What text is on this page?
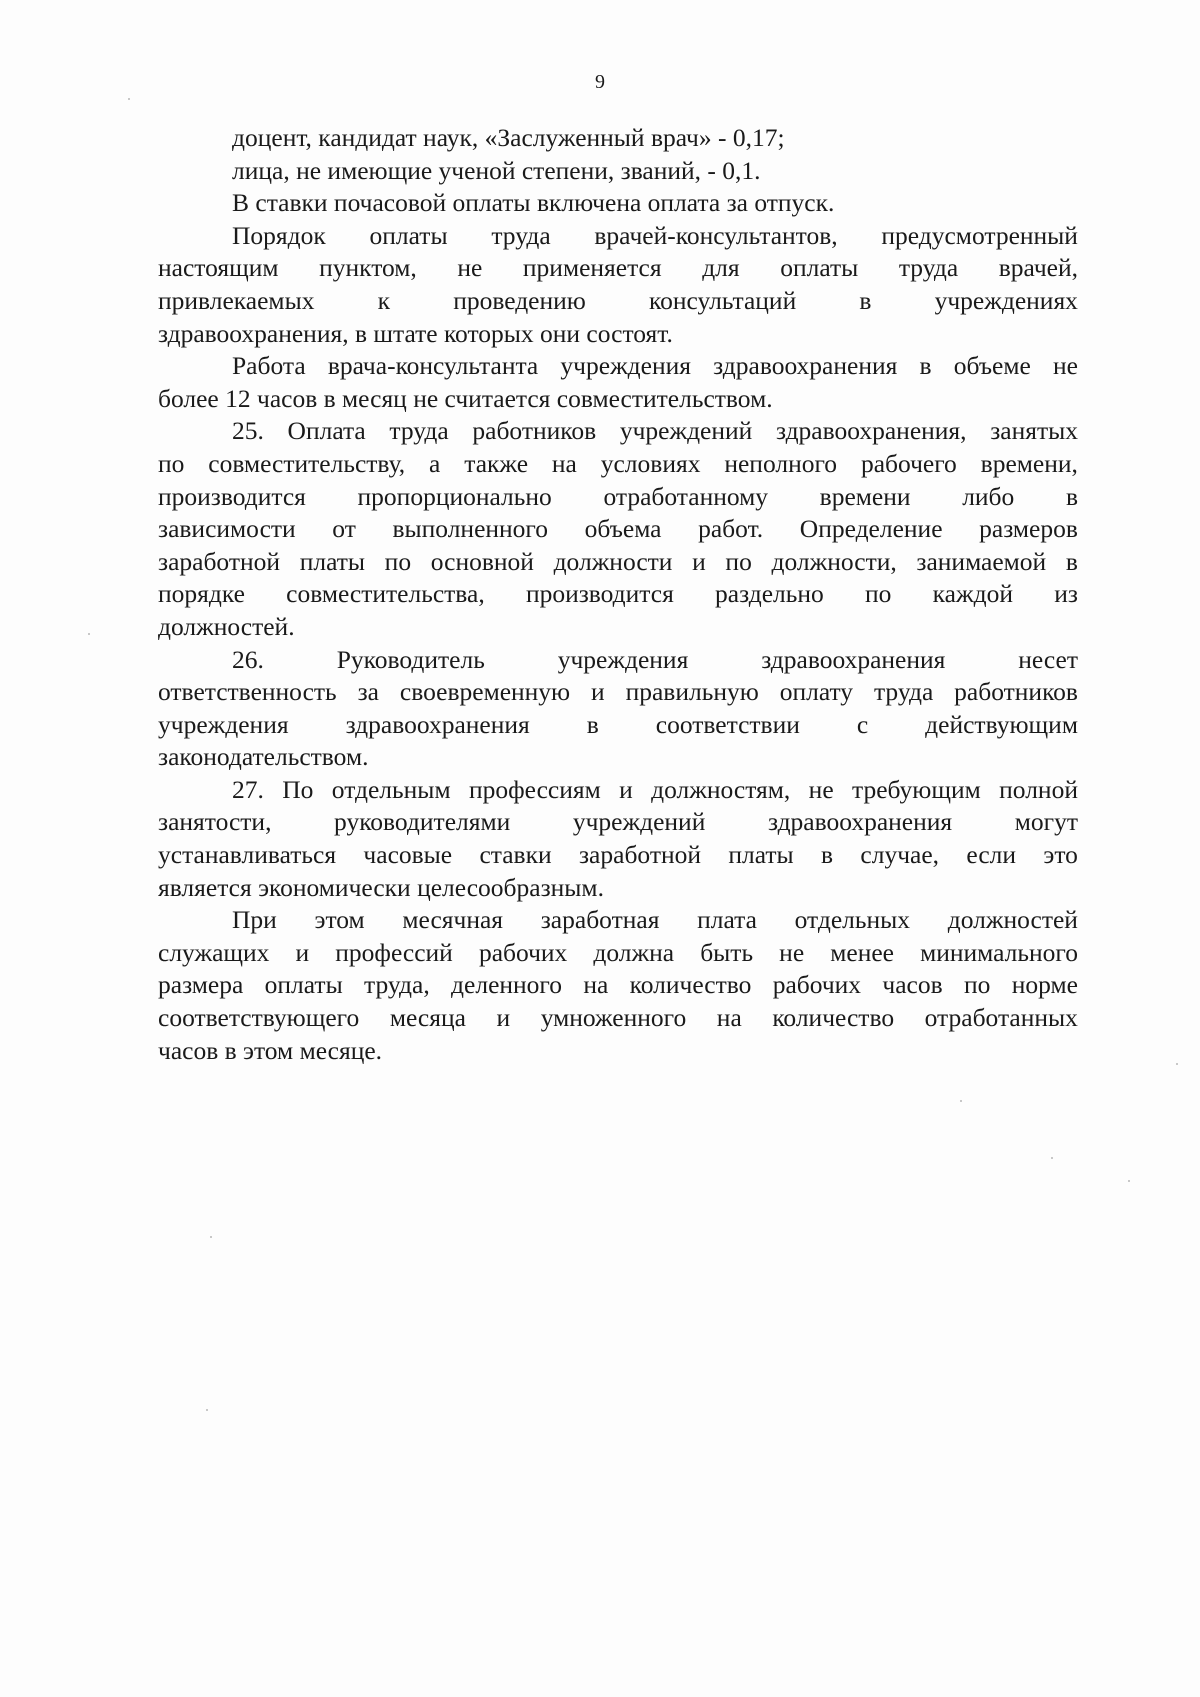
9
доцент, кандидат наук, «Заслуженный врач» - 0,17;
лица, не имеющие ученой степени, званий, - 0,1.
В ставки почасовой оплаты включена оплата за отпуск.
Порядок оплаты труда врачей-консультантов, предусмотренный
настоящим пунктом, не применяется для оплаты труда врачей,
привлекаемых к проведению консультаций в учреждениях
здравоохранения, в штате которых они состоят.
Работа врача-консультанта учреждения здравоохранения в объеме не
более 12 часов в месяц не считается совместительством.
25. Оплата труда работников учреждений здравоохранения, занятых
по совместительству, а также на условиях неполного рабочего времени,
производится пропорционально отработанному времени либо в
зависимости от выполненного объема работ. Определение размеров
заработной платы по основной должности и по должности, занимаемой в
порядке совместительства, производится раздельно по каждой из
должностей.
26.	Руководитель	учреждения	здравоохранения	несет
ответственность за своевременную и правильную оплату труда работников
учреждения здравоохранения в соответствии с действующим
законодательством.
27. По отдельным профессиям и должностям, не требующим полной
занятости, руководителями учреждений здравоохранения могут
устанавливаться часовые ставки заработной платы в случае, если это
является экономически целесообразным.
При этом месячная заработная плата отдельных должностей
служащих и профессий рабочих должна быть не менее минимального
размера оплаты труда, деленного на количество рабочих часов по норме
соответствующего месяца и умноженного на количество отработанных
часов в этом месяце.
